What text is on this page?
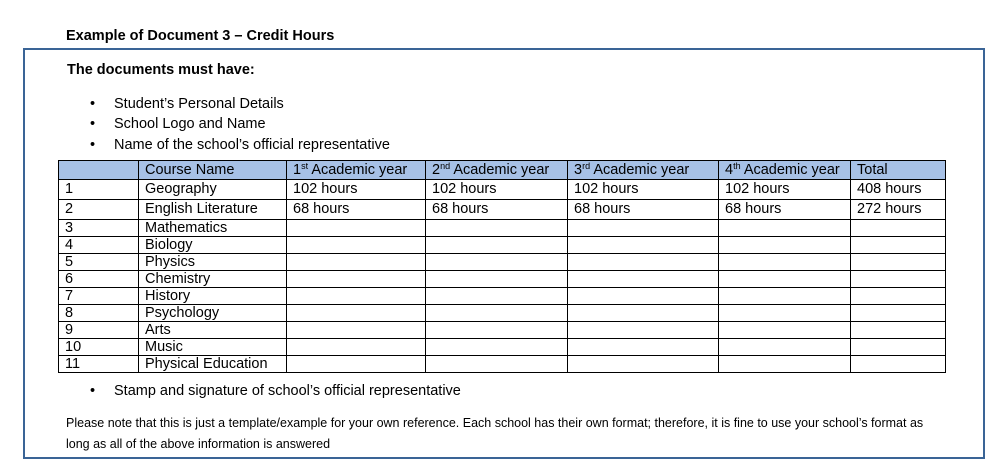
Example of Document 3 – Credit Hours
The documents must have:
• Student’s Personal Details
• School Logo and Name
• Name of the school’s official representative
	Course Name	1st Academic year	2nd Academic year	3rd Academic year	4th Academic year	Total
1	Geography	102 hours	102 hours	102 hours	102 hours	408 hours
2	English Literature	68 hours	68 hours	68 hours	68 hours	272 hours
3	Mathematics					
4	Biology					
5	Physics					
6	Chemistry					
7	History					
8	Psychology					
9	Arts					
10	Music					
11	Physical Education					
• Stamp and signature of school’s official representative
Please note that this is just a template/example for your own reference. Each school has their own format; therefore, it is fine to use your school’s format as long as all of the above information is answered
